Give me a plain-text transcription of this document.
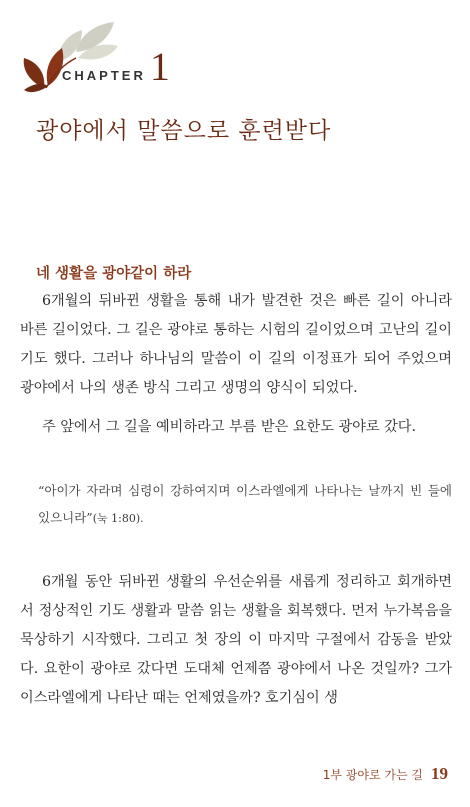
CHAPTER 1
광야에서 말씀으로 훈련받다
네 생활을 광야같이 하라

6개월의 뒤바뀐 생활을 통해 내가 발견한 것은 빠른 길이 아니라 바른 길이었다. 그 길은 광야로 통하는 시험의 길이었으며 고난의 길이기도 했다. 그러나 하나님의 말씀이 이 길의 이정표가 되어 주었으며 광야에서 나의 생존 방식 그리고 생명의 양식이 되었다.

주 앞에서 그 길을 예비하라고 부름 받은 요한도 광야로 갔다.

“아이가 자라며 심령이 강하여지며 이스라엘에게 나타나는 날까지 빈 들에 있으니라”(눅 1:80).

6개월 동안 뒤바뀐 생활의 우선순위를 새롭게 정리하고 회개하면서 정상적인 기도 생활과 말씀 읽는 생활을 회복했다. 먼저 누가복음을 묵상하기 시작했다. 그리고 첫 장의 이 마지막 구절에서 감동을 받았다. 요한이 광야로 갔다면 도대체 언제쯤 광야에서 나온 것일까? 그가 이스라엘에게 나타난 때는 언제였을까? 호기심이 생

1부 광야로 가는 길 19
